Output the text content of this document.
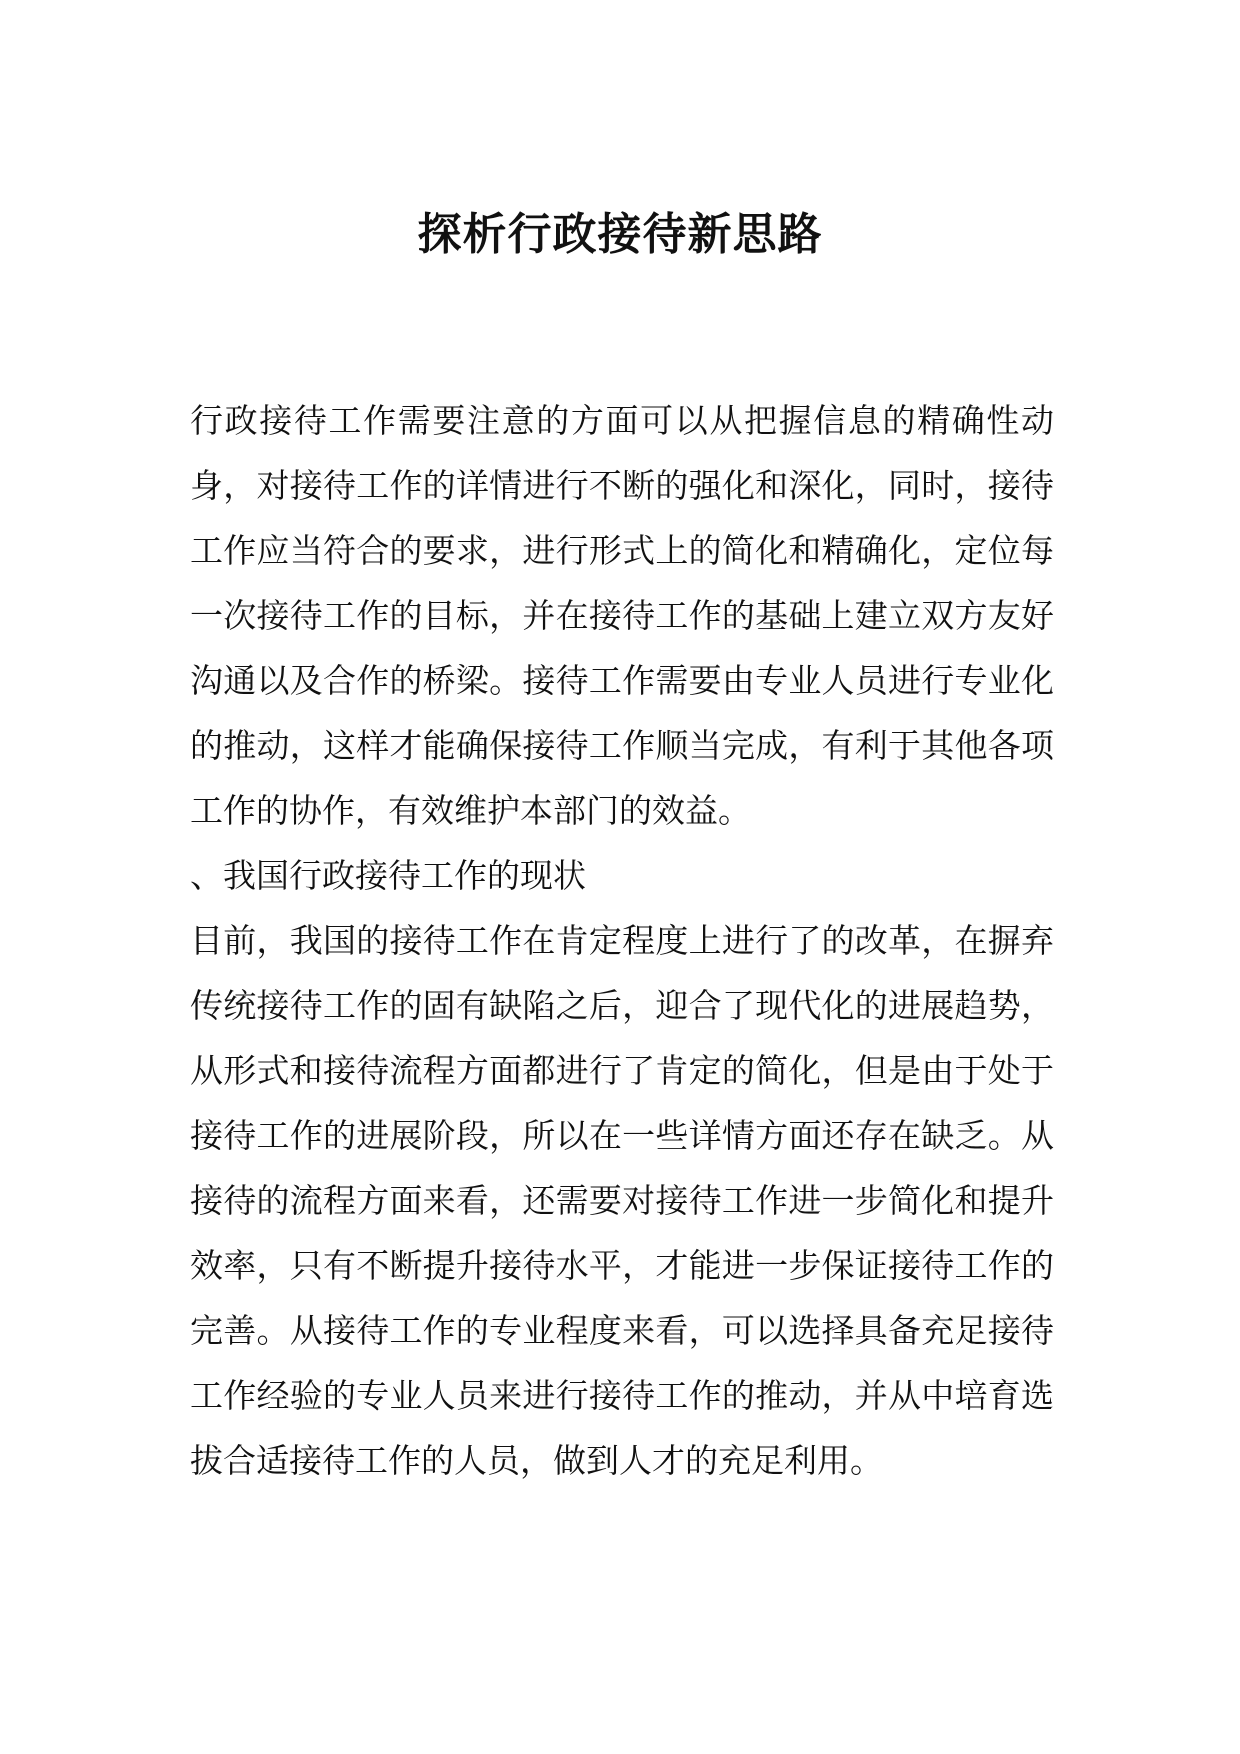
探析行政接待新思路

行政接待工作需要注意的方面可以从把握信息的精确性动身，对接待工作的详情进行不断的强化和深化，同时，接待工作应当符合的要求，进行形式上的简化和精确化，定位每一次接待工作的目标，并在接待工作的基础上建立双方友好沟通以及合作的桥梁。接待工作需要由专业人员进行专业化的推动，这样才能确保接待工作顺当完成，有利于其他各项工作的协作，有效维护本部门的效益。

、我国行政接待工作的现状

目前，我国的接待工作在肯定程度上进行了的改革，在摒弃传统接待工作的固有缺陷之后，迎合了现代化的进展趋势，从形式和接待流程方面都进行了肯定的简化，但是由于处于接待工作的进展阶段，所以在一些详情方面还存在缺乏。从接待的流程方面来看，还需要对接待工作进一步简化和提升效率，只有不断提升接待水平，才能进一步保证接待工作的完善。从接待工作的专业程度来看，可以选择具备充足接待工作经验的专业人员来进行接待工作的推动，并从中培育选拔合适接待工作的人员，做到人才的充足利用。
